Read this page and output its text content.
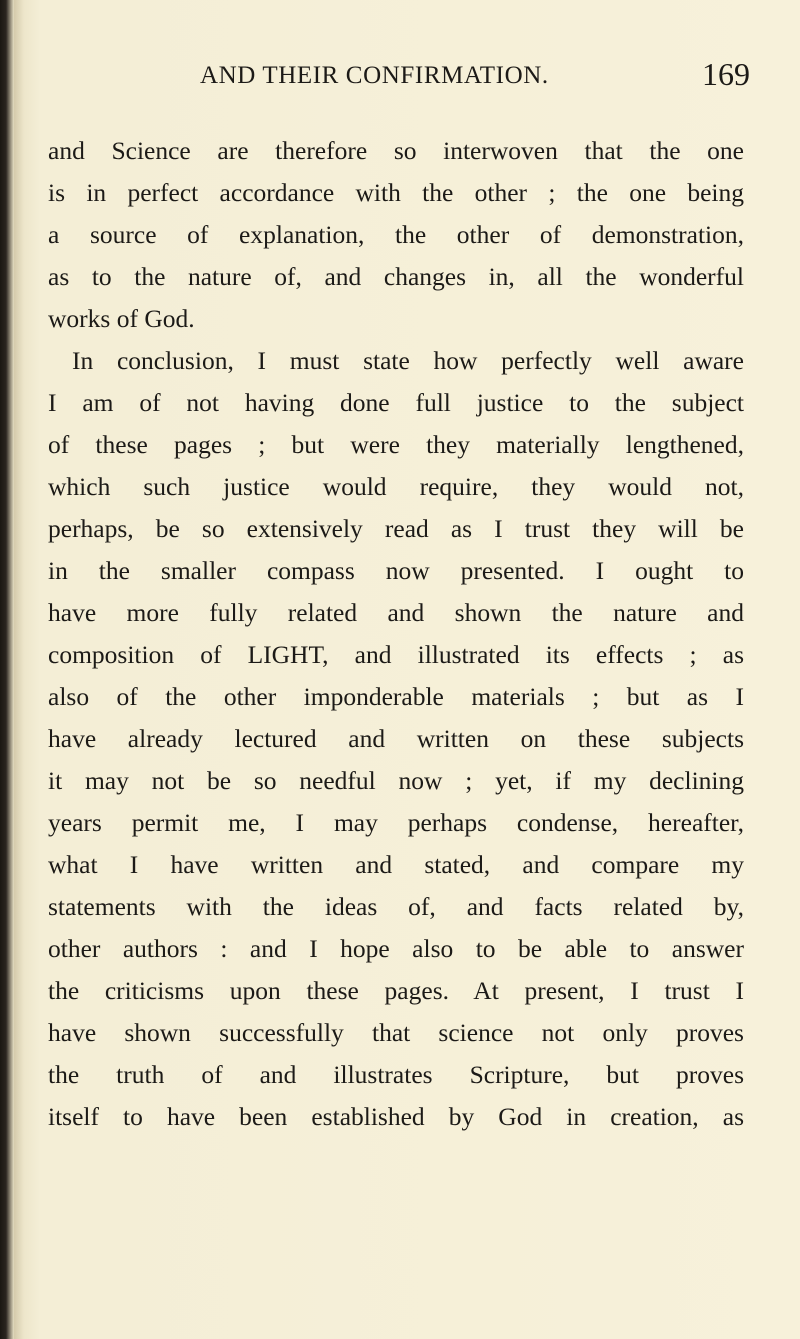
AND THEIR CONFIRMATION.	169
and Science are therefore so interwoven that the one
is in perfect accordance with the other ; the one being
a source of explanation, the other of demonstration,
as to the nature of, and changes in, all the wonderful
works of God.
In conclusion, I must state how perfectly well aware
I am of not having done full justice to the subject
of these pages ; but were they materially lengthened,
which such justice would require, they would not,
perhaps, be so extensively read as I trust they will be
in the smaller compass now presented. I ought to
have more fully related and shown the nature and
composition of LIGHT, and illustrated its effects ; as
also of the other imponderable materials ; but as I
have already lectured and written on these subjects
it may not be so needful now ; yet, if my declining
years permit me, I may perhaps condense, hereafter,
what I have written and stated, and compare my
statements with the ideas of, and facts related by,
other authors : and I hope also to be able to answer
the criticisms upon these pages. At present, I trust I
have shown successfully that science not only proves
the truth of and illustrates Scripture, but proves
itself to have been established by God in creation, as
